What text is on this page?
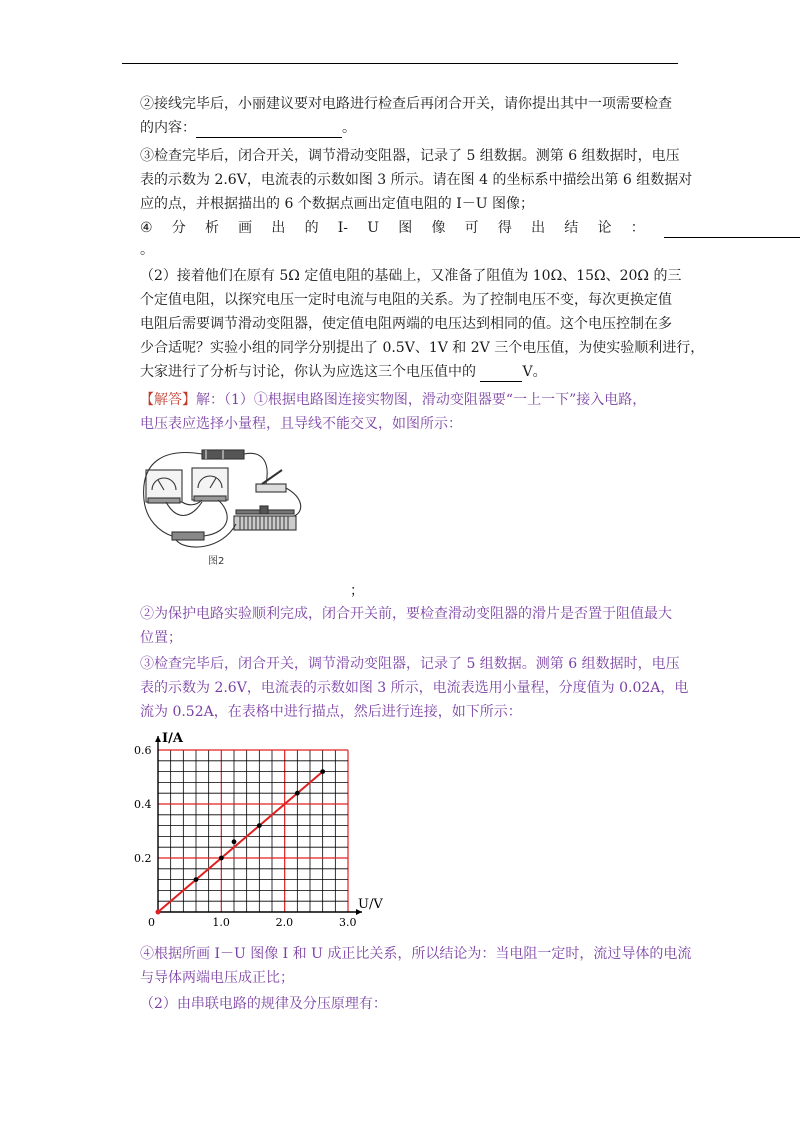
②接线完毕后，小丽建议要对电路进行检查后再闭合开关，请你提出其中一项需要检查
的内容：	。
③检查完毕后，闭合开关，调节滑动变阻器，记录了 5 组数据。测第 6 组数据时，电压
表的示数为 2.6V，电流表的示数如图 3 所示。请在图 4 的坐标系中描绘出第 6 组数据对
应的点，并根据描出的 6 个数据点画出定值电阻的 I－U 图像；
④ 分 析 画 出 的 I- U 图 像 可 得 出 结 论 ：
。
（2）接着他们在原有 5Ω 定值电阻的基础上，又准备了阻值为 10Ω、15Ω、20Ω 的三
个定值电阻，以探究电压一定时电流与电阻的关系。为了控制电压不变，每次更换定值
电阻后需要调节滑动变阻器，使定值电阻两端的电压达到相同的值。这个电压控制在多
少合适呢？实验小组的同学分别提出了 0.5V、1V 和 2V 三个电压值，为使实验顺利进行，
大家进行了分析与讨论，你认为应选这三个电压值中的	V。
【解答】解：（1）①根据电路图连接实物图，滑动变阻器要“一上一下”接入电路，
电压表应选择小量程，且导线不能交叉，如图所示：
图2
；
②为保护电路实验顺利完成，闭合开关前，要检查滑动变阻器的滑片是否置于阻值最大
位置；
③检查完毕后，闭合开关，调节滑动变阻器，记录了 5 组数据。测第 6 组数据时，电压
表的示数为 2.6V，电流表的示数如图 3 所示，电流表选用小量程，分度值为 0.02A，电
流为 0.52A，在表格中进行描点，然后进行连接，如下所示：
I/A
U/V
0	1.0	2.0	3.0
0.2
0.4
0.6
④根据所画 I－U 图像 I 和 U 成正比关系，所以结论为：当电阻一定时，流过导体的电流
与导体两端电压成正比；
（2）由串联电路的规律及分压原理有：
